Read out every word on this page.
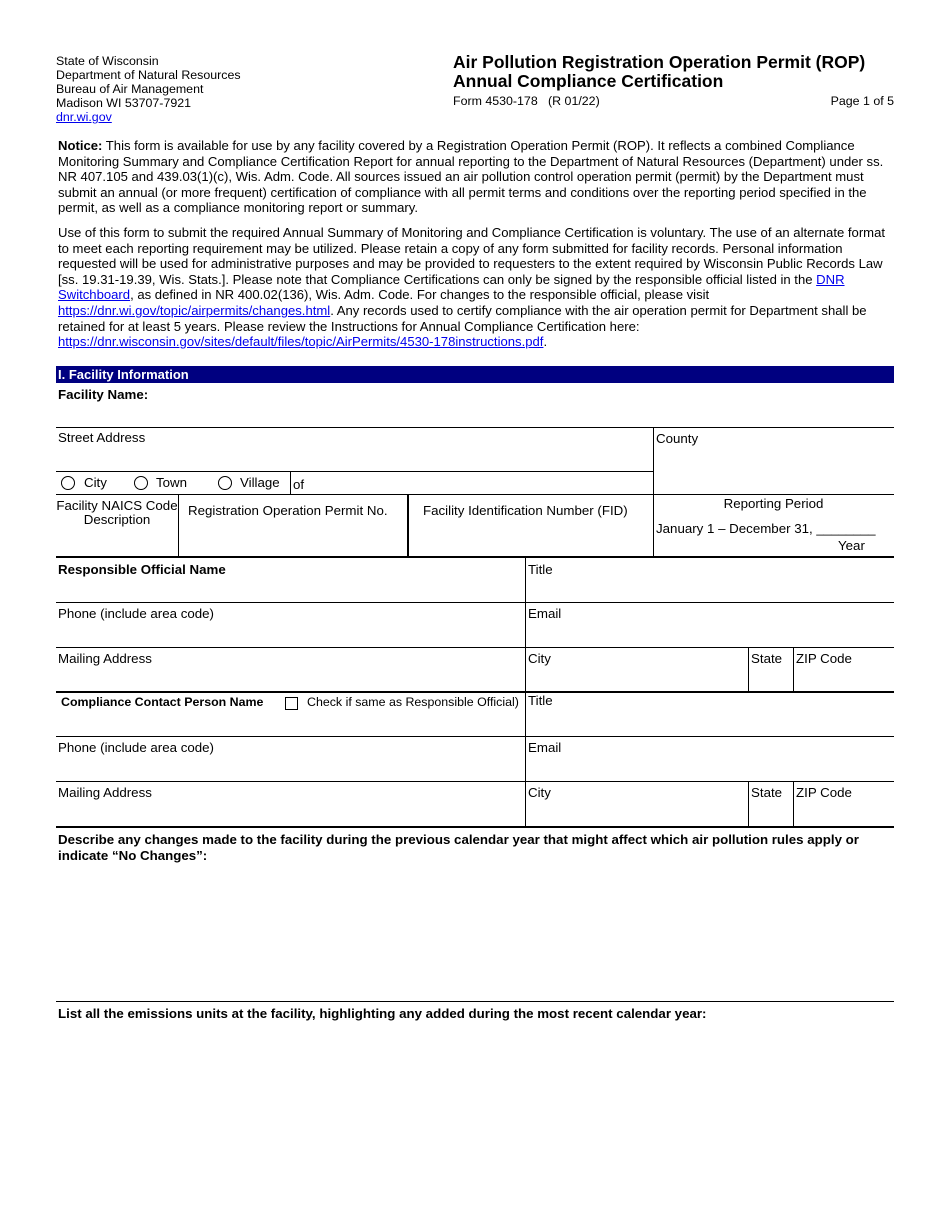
State of Wisconsin
Department of Natural Resources
Bureau of Air Management
Madison WI 53707-7921
dnr.wi.gov
Air Pollution Registration Operation Permit (ROP)
Annual Compliance Certification
Form 4530-178   (R 01/22)	Page 1 of 5
Notice: This form is available for use by any facility covered by a Registration Operation Permit (ROP). It reflects a combined Compliance Monitoring Summary and Compliance Certification Report for annual reporting to the Department of Natural Resources (Department) under ss. NR 407.105 and 439.03(1)(c), Wis. Adm. Code. All sources issued an air pollution control operation permit (permit) by the Department must submit an annual (or more frequent) certification of compliance with all permit terms and conditions over the reporting period specified in the permit, as well as a compliance monitoring report or summary.
Use of this form to submit the required Annual Summary of Monitoring and Compliance Certification is voluntary. The use of an alternate format to meet each reporting requirement may be utilized. Please retain a copy of any form submitted for facility records. Personal information requested will be used for administrative purposes and may be provided to requesters to the extent required by Wisconsin Public Records Law [ss. 19.31-19.39, Wis. Stats.]. Please note that Compliance Certifications can only be signed by the responsible official listed in the DNR Switchboard, as defined in NR 400.02(136), Wis. Adm. Code. For changes to the responsible official, please visit https://dnr.wi.gov/topic/airpermits/changes.html. Any records used to certify compliance with the air operation permit for Department shall be retained for at least 5 years. Please review the Instructions for Annual Compliance Certification here: https://dnr.wisconsin.gov/sites/default/files/topic/AirPermits/4530-178instructions.pdf.
I. Facility Information
Facility Name:
Street Address	County
City	Town	Village of
Facility NAICS Code Description
Registration Operation Permit No.	Facility Identification Number (FID)	Reporting Period
January 1 – December 31, ________
Year
Responsible Official Name	Title
Phone (include area code)	Email
Mailing Address	City	State ZIP Code
Compliance Contact Person Name	Check if same as Responsible Official) Title
Phone (include area code)	Email
Mailing Address	City	State ZIP Code
Describe any changes made to the facility during the previous calendar year that might affect which air pollution rules apply or indicate “No Changes”:
List all the emissions units at the facility, highlighting any added during the most recent calendar year:
